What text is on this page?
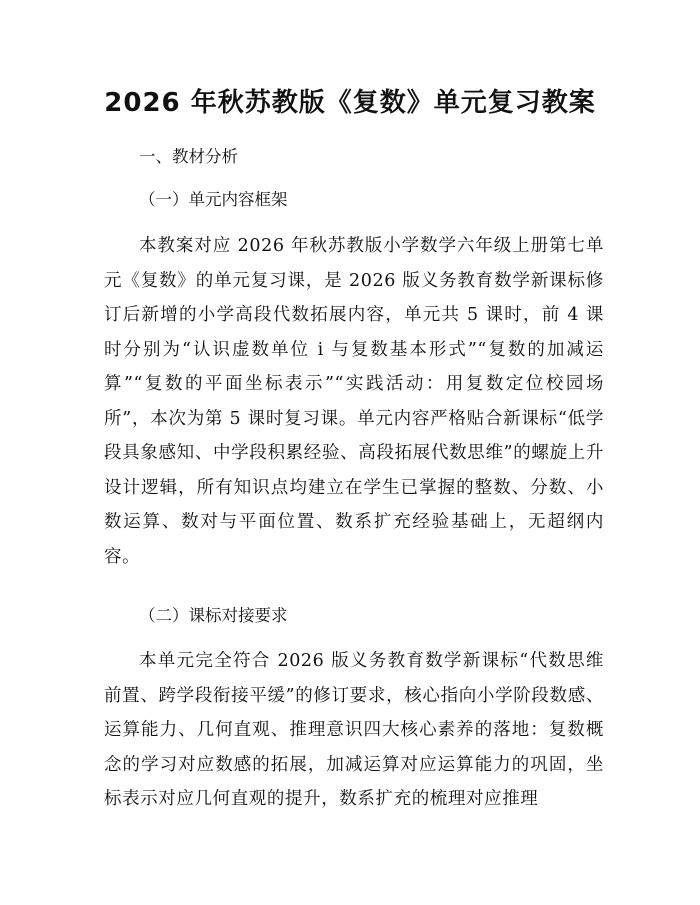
2026 年秋苏教版《复数》单元复习教案

一、教材分析

（一）单元内容框架

本教案对应 2026 年秋苏教版小学数学六年级上册第七单元《复数》的单元复习课，是 2026 版义务教育数学新课标修订后新增的小学高段代数拓展内容，单元共 5 课时，前 4 课时分别为“认识虚数单位 i 与复数基本形式”“复数的加减运算”“复数的平面坐标表示”“实践活动：用复数定位校园场所”，本次为第 5 课时复习课。单元内容严格贴合新课标“低学段具象感知、中学段积累经验、高段拓展代数思维”的螺旋上升设计逻辑，所有知识点均建立在学生已掌握的整数、分数、小数运算、数对与平面位置、数系扩充经验基础上，无超纲内容。

（二）课标对接要求

本单元完全符合 2026 版义务教育数学新课标“代数思维前置、跨学段衔接平缓”的修订要求，核心指向小学阶段数感、运算能力、几何直观、推理意识四大核心素养的落地：复数概念的学习对应数感的拓展，加减运算对应运算能力的巩固，坐标表示对应几何直观的提升，数系扩充的梳理对应推理
